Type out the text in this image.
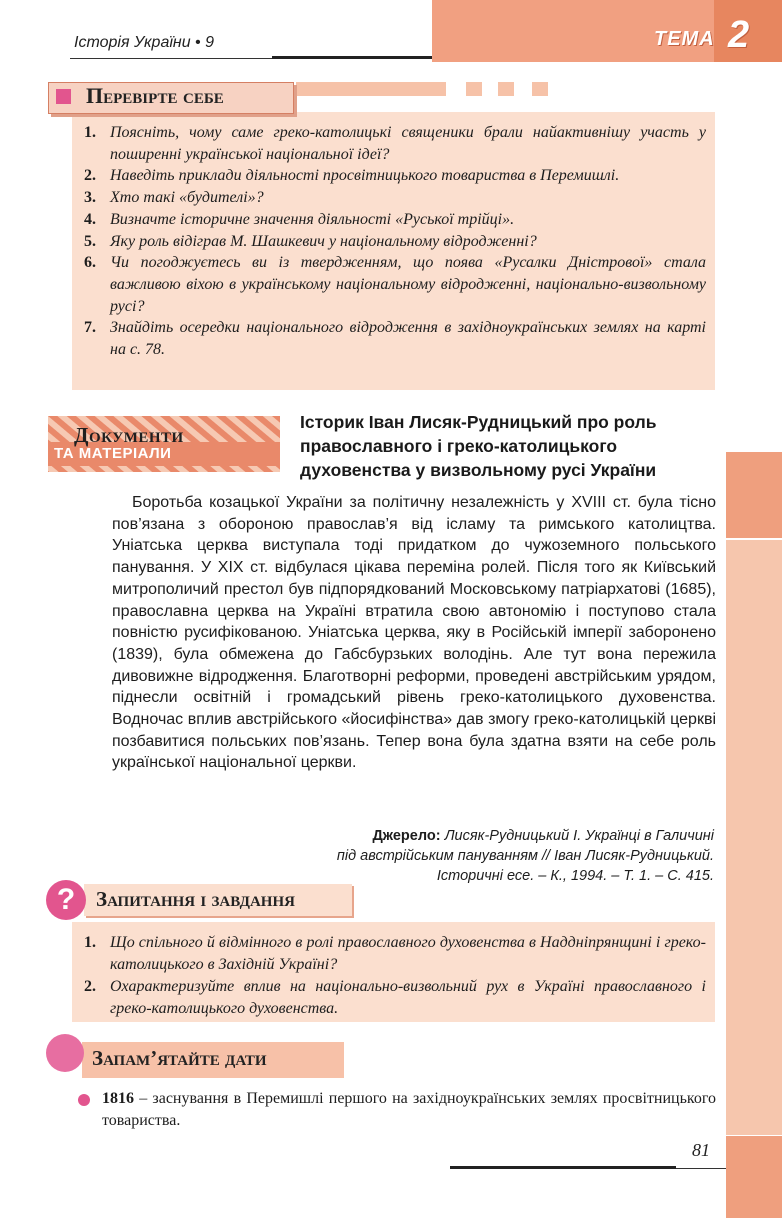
Історія України • 9	ТЕМА 2
Перевірте себе
1. Поясніть, чому саме греко-католицькі священики брали найактивнішу участь у поширенні української національної ідеї?
2. Наведіть приклади діяльності просвітницького товариства в Перемишлі.
3. Хто такі «будителі»?
4. Визначте історичне значення діяльності «Руської трійці».
5. Яку роль відіграв М. Шашкевич у національному відродженні?
6. Чи погоджуєтесь ви із твердженням, що поява «Русалки Дністрової» стала важливою віхою в українському національному відродженні, національно-визвольному русі?
7. Знайдіть осередки національного відродження в західноукраїнських землях на карті на с. 78.
Документи
ТА МАТЕРІАЛИ
Історик Іван Лисяк-Рудницький про роль православного і греко-католицького духовенства у визвольному русі України

Боротьба козацької України за політичну незалежність у XVIII ст. була тісно пов’язана з обороною православ’я від ісламу та римського католицтва. Уніатська церква виступала тоді придатком до чужоземного польського панування. У XIX ст. відбулася цікава переміна ролей. Після того як Київський митрополичий престол був підпорядкований Московському патріархатові (1685), православна церква на Україні втратила свою автономію і поступово стала повністю русифікованою. Уніатська церква, яку в Російській імперії заборонено (1839), була обмежена до Габсбурзьких володінь. Але тут вона пережила дивовижне відродження. Благотворні реформи, проведені австрійським урядом, піднесли освітній і громадський рівень греко-католицького духовенства. Водночас вплив австрійського «йосифінства» дав змогу греко-католицькій церкві позбавитися польських пов’язань. Тепер вона була здатна взяти на себе роль української національної церкви.

Джерело: Лисяк-Рудницький І. Українці в Галичині
під австрійським пануванням // Іван Лисяк-Рудницький.
Історичні есе. – К., 1994. – Т. 1. – С. 415.
? Запитання і завдання
1. Що спільного й відмінного в ролі православного духовенства в Наддніпрянщині і греко-католицького в Західній Україні?
2. Охарактеризуйте вплив на національно-визвольний рух в Україні православного і греко-католицького духовенства.
Запам’ятайте дати
1816 – заснування в Перемишлі першого на західноукраїнських землях просвітницького товариства.
81
